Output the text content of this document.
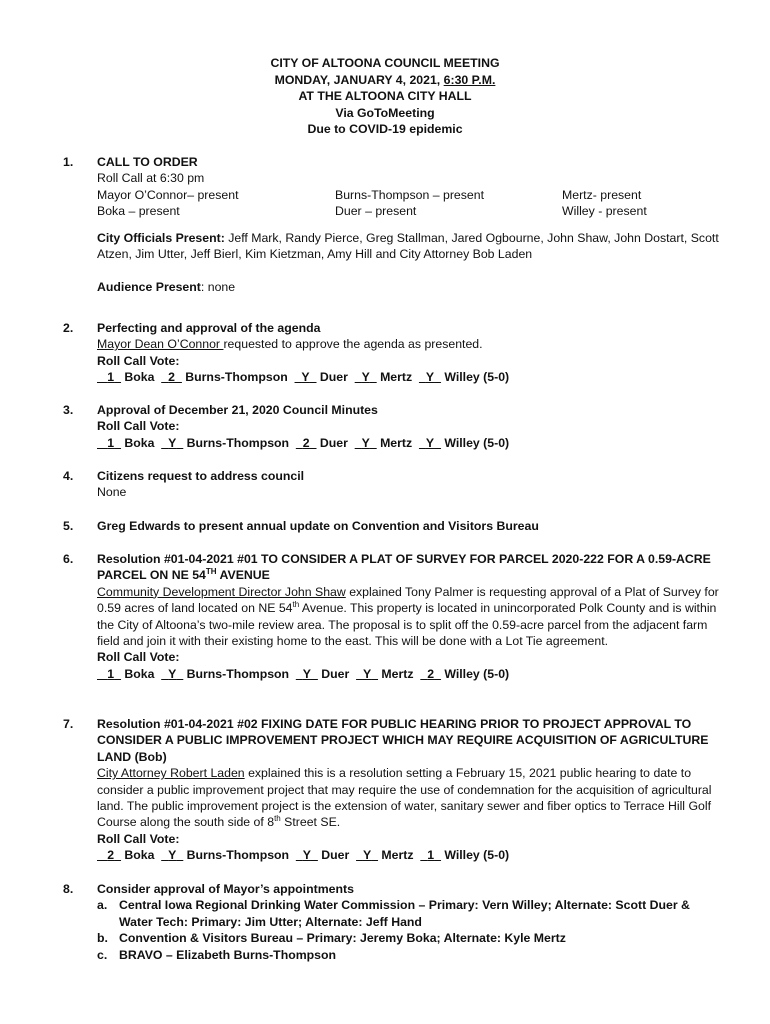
CITY OF ALTOONA COUNCIL MEETING
MONDAY, JANUARY 4, 2021, 6:30 P.M.
AT THE ALTOONA CITY HALL
Via GoToMeeting
Due to COVID-19 epidemic
1.	CALL TO ORDER
Roll Call at 6:30 pm
Mayor O’Connor– present	Burns-Thompson – present	Mertz- present
Boka – present	Duer – present	Willey - present

City Officials Present: Jeff Mark, Randy Pierce, Greg Stallman, Jared Ogbourne, John Shaw, John Dostart, Scott Atzen, Jim Utter, Jeff Bierl, Kim Kietzman, Amy Hill and City Attorney Bob Laden

Audience Present: none

2.	Perfecting and approval of the agenda
Mayor Dean O’Connor requested to approve the agenda as presented.
Roll Call Vote:
_1_ Boka _2_ Burns-Thompson _Y_ Duer _Y_ Mertz _Y_ Willey (5-0)
3.	Approval of December 21, 2020 Council Minutes
Roll Call Vote:
_1_ Boka _Y_ Burns-Thompson _2_ Duer _Y_ Mertz _Y_ Willey (5-0)
4.	Citizens request to address council
None
5.	Greg Edwards to present annual update on Convention and Visitors Bureau
6.	Resolution #01-04-2021 #01 TO CONSIDER A PLAT OF SURVEY FOR PARCEL 2020-222 FOR A 0.59-ACRE PARCEL ON NE 54TH AVENUE
Community Development Director John Shaw explained Tony Palmer is requesting approval of a Plat of Survey for 0.59 acres of land located on NE 54th Avenue. This property is located in unincorporated Polk County and is within the City of Altoona’s two-mile review area. The proposal is to split off the 0.59-acre parcel from the adjacent farm field and join it with their existing home to the east. This will be done with a Lot Tie agreement.
Roll Call Vote:
_1_ Boka _Y_ Burns-Thompson _Y_ Duer _Y_ Mertz _2_ Willey (5-0)
7.	Resolution #01-04-2021 #02 FIXING DATE FOR PUBLIC HEARING PRIOR TO PROJECT APPROVAL TO CONSIDER A PUBLIC IMPROVEMENT PROJECT WHICH MAY REQUIRE ACQUISITION OF AGRICULTURE LAND (Bob)
City Attorney Robert Laden explained this is a resolution setting a February 15, 2021 public hearing to date to consider a public improvement project that may require the use of condemnation for the acquisition of agricultural land. The public improvement project is the extension of water, sanitary sewer and fiber optics to Terrace Hill Golf Course along the south side of 8th Street SE.
Roll Call Vote:
_2_ Boka _Y_ Burns-Thompson _Y_ Duer _Y_ Mertz _1_ Willey (5-0)
8.	Consider approval of Mayor’s appointments
a. Central Iowa Regional Drinking Water Commission – Primary: Vern Willey; Alternate: Scott Duer & Water Tech: Primary: Jim Utter; Alternate: Jeff Hand
b. Convention & Visitors Bureau – Primary: Jeremy Boka; Alternate: Kyle Mertz
c. BRAVO – Elizabeth Burns-Thompson
